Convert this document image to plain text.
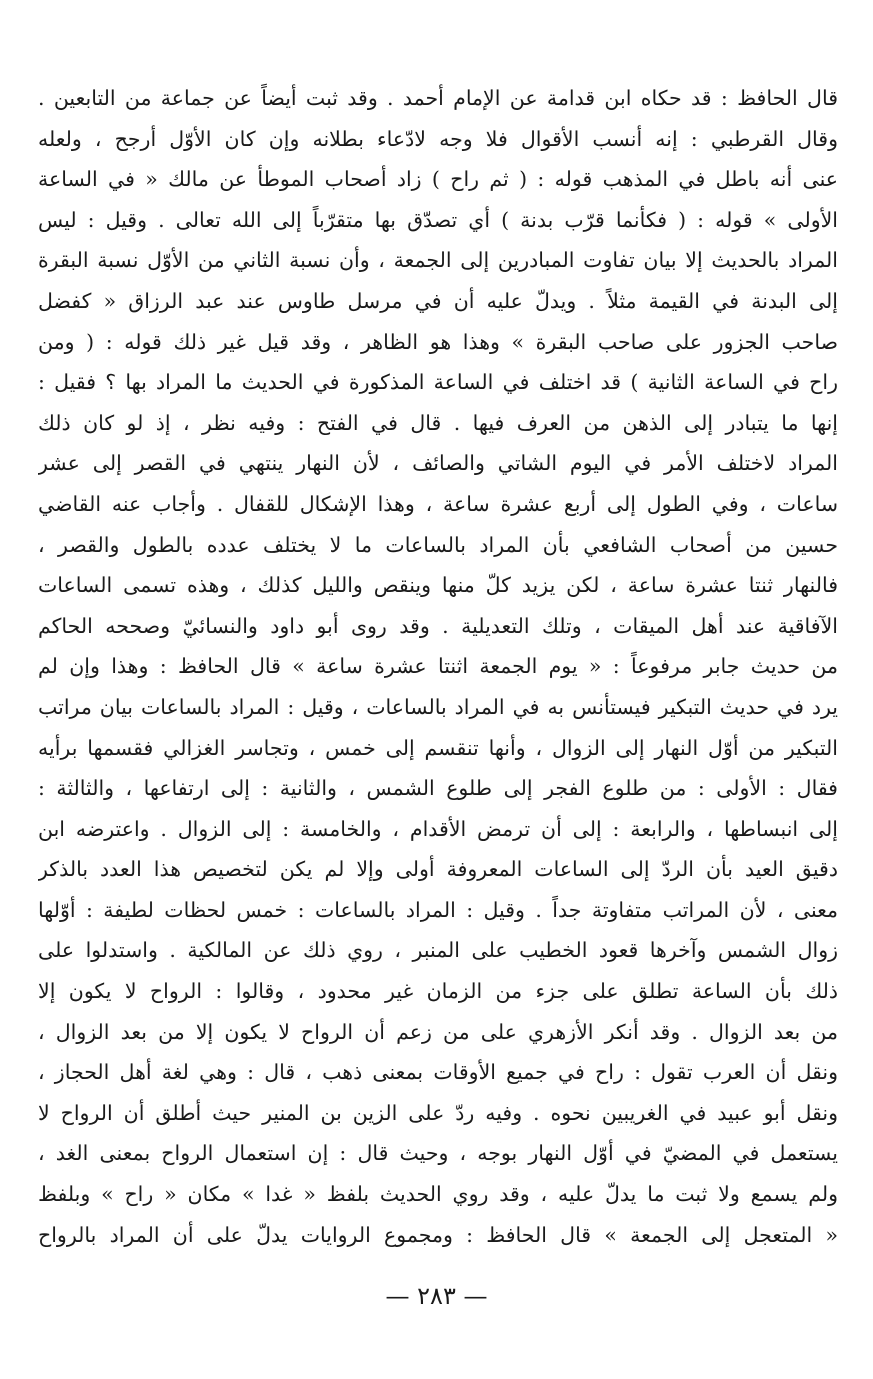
قال الحافظ : قد حكاه ابن قدامة عن الإمام أحمد . وقد ثبت أيضاً عن جماعة من التابعين .
وقال القرطبي : إنه أنسب الأقوال فلا وجه لادّعاء بطلانه وإن كان الأوّل أرجح ، ولعله
عنى أنه باطل في المذهب قوله : ( ثم راح ) زاد أصحاب الموطأ عن مالك « في الساعة
الأولى » قوله : ( فكأنما قرّب بدنة ) أي تصدّق بها متقرّباً إلى الله تعالى . وقيل : ليس
المراد بالحديث إلا بيان تفاوت المبادرين إلى الجمعة ، وأن نسبة الثاني من الأوّل نسبة البقرة
إلى البدنة في القيمة مثلاً . ويدلّ عليه أن في مرسل طاوس عند عبد الرزاق « كفضل
صاحب الجزور على صاحب البقرة » وهذا هو الظاهر ، وقد قيل غير ذلك قوله : ( ومن
راح في الساعة الثانية ) قد اختلف في الساعة المذكورة في الحديث ما المراد بها ؟ فقيل :
إنها ما يتبادر إلى الذهن من العرف فيها . قال في الفتح : وفيه نظر ، إذ لو كان ذلك
المراد لاختلف الأمر في اليوم الشاتي والصائف ، لأن النهار ينتهي في القصر إلى عشر
ساعات ، وفي الطول إلى أربع عشرة ساعة ، وهذا الإشكال للقفال . وأجاب عنه القاضي
حسين من أصحاب الشافعي بأن المراد بالساعات ما لا يختلف عدده بالطول والقصر ،
فالنهار ثنتا عشرة ساعة ، لكن يزيد كلّ منها وينقص والليل كذلك ، وهذه تسمى الساعات
الآفاقية عند أهل الميقات ، وتلك التعديلية . وقد روى أبو داود والنسائيّ وصححه الحاكم
من حديث جابر مرفوعاً : « يوم الجمعة اثنتا عشرة ساعة » قال الحافظ : وهذا وإن لم
يرد في حديث التبكير فيستأنس به في المراد بالساعات ، وقيل : المراد بالساعات بيان مراتب
التبكير من أوّل النهار إلى الزوال ، وأنها تنقسم إلى خمس ، وتجاسر الغزالي فقسمها برأيه
فقال : الأولى : من طلوع الفجر إلى طلوع الشمس ، والثانية : إلى ارتفاعها ، والثالثة :
إلى انبساطها ، والرابعة : إلى أن ترمض الأقدام ، والخامسة : إلى الزوال . واعترضه ابن
دقيق العيد بأن الردّ إلى الساعات المعروفة أولى وإلا لم يكن لتخصيص هذا العدد بالذكر
معنى ، لأن المراتب متفاوتة جداً . وقيل : المراد بالساعات : خمس لحظات لطيفة : أوّلها
زوال الشمس وآخرها قعود الخطيب على المنبر ، روي ذلك عن المالكية . واستدلوا على
ذلك بأن الساعة تطلق على جزء من الزمان غير محدود ، وقالوا : الرواح لا يكون إلا
من بعد الزوال . وقد أنكر الأزهري على من زعم أن الرواح لا يكون إلا من بعد الزوال ،
ونقل أن العرب تقول : راح في جميع الأوقات بمعنى ذهب ، قال : وهي لغة أهل الحجاز ،
ونقل أبو عبيد في الغريبين نحوه . وفيه ردّ على الزين بن المنير حيث أطلق أن الرواح لا
يستعمل في المضيّ في أوّل النهار بوجه ، وحيث قال : إن استعمال الرواح بمعنى الغد ،
ولم يسمع ولا ثبت ما يدلّ عليه ، وقد روي الحديث بلفظ « غدا » مكان « راح » وبلفظ
« المتعجل إلى الجمعة » قال الحافظ : ومجموع الروايات يدلّ على أن المراد بالرواح
— ٢٨٣ —
